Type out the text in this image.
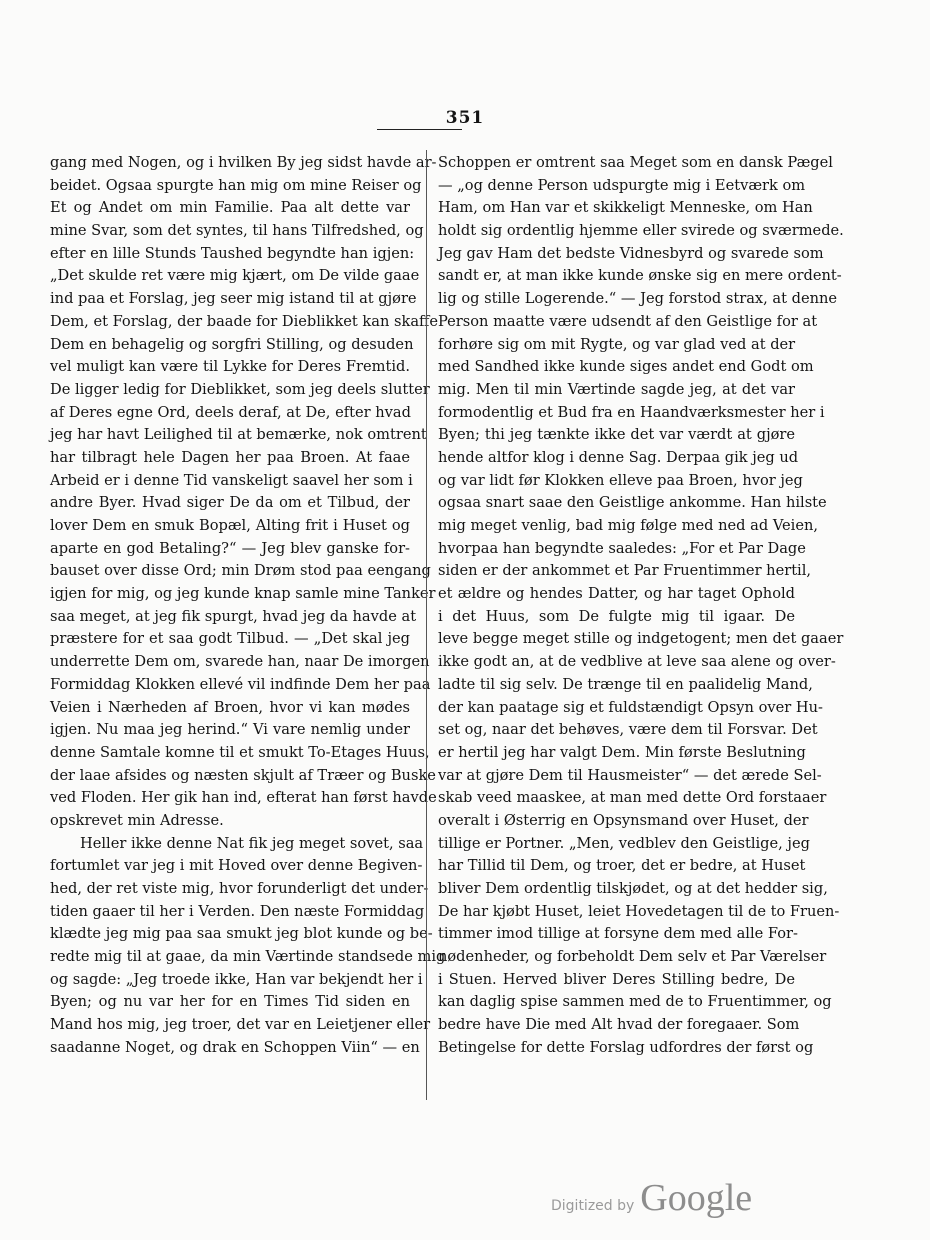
351
gang med Nogen, og i hvilken By jeg sidst havde ar-
beidet. Ogsaa spurgte han mig om mine Reiser og
Et og Andet om min Familie. Paa alt dette var
mine Svar, som det syntes, til hans Tilfredshed, og
efter en lille Stunds Taushed begyndte han igjen:
„Det skulde ret være mig kjært, om De vilde gaae
ind paa et Forslag, jeg seer mig istand til at gjøre
Dem, et Forslag, der baade for Dieblikket kan skaffe
Dem en behagelig og sorgfri Stilling, og desuden
vel muligt kan være til Lykke for Deres Fremtid.
De ligger ledig for Dieblikket, som jeg deels slutter
af Deres egne Ord, deels deraf, at De, efter hvad
jeg har havt Leilighed til at bemærke, nok omtrent
har tilbragt hele Dagen her paa Broen. At faae
Arbeid er i denne Tid vanskeligt saavel her som i
andre Byer. Hvad siger De da om et Tilbud, der
lover Dem en smuk Bopæl, Alting frit i Huset og
aparte en god Betaling?“ — Jeg blev ganske for-
bauset over disse Ord; min Drøm stod paa eengang
igjen for mig, og jeg kunde knap samle mine Tanker
saa meget, at jeg fik spurgt, hvad jeg da havde at
præstere for et saa godt Tilbud. — „Det skal jeg
underrette Dem om, svarede han, naar De imorgen
Formiddag Klokken ellevé vil indfinde Dem her paa
Veien i Nærheden af Broen, hvor vi kan mødes
igjen. Nu maa jeg herind.“ Vi vare nemlig under
denne Samtale komne til et smukt To-Etages Huus,
der laae afsides og næsten skjult af Træer og Buske
ved Floden. Her gik han ind, efterat han først havde
opskrevet min Adresse.
Heller ikke denne Nat fik jeg meget sovet, saa
fortumlet var jeg i mit Hoved over denne Begiven-
hed, der ret viste mig, hvor forunderligt det under-
tiden gaaer til her i Verden. Den næste Formiddag
klædte jeg mig paa saa smukt jeg blot kunde og be-
redte mig til at gaae, da min Værtinde standsede mig
og sagde: „Jeg troede ikke, Han var bekjendt her i
Byen; og nu var her for en Times Tid siden en
Mand hos mig, jeg troer, det var en Leietjener eller
saadanne Noget, og drak en Schoppen Viin“ — en
Schoppen er omtrent saa Meget som en dansk Pægel
— „og denne Person udspurgte mig i Eetværk om
Ham, om Han var et skikkeligt Menneske, om Han
holdt sig ordentlig hjemme eller svirede og sværmede.
Jeg gav Ham det bedste Vidnesbyrd og svarede som
sandt er, at man ikke kunde ønske sig en mere ordent-
lig og stille Logerende.“ — Jeg forstod strax, at denne
Person maatte være udsendt af den Geistlige for at
forhøre sig om mit Rygte, og var glad ved at der
med Sandhed ikke kunde siges andet end Godt om
mig. Men til min Værtinde sagde jeg, at det var
formodentlig et Bud fra en Haandværksmester her i
Byen; thi jeg tænkte ikke det var værdt at gjøre
hende altfor klog i denne Sag. Derpaa gik jeg ud
og var lidt før Klokken elleve paa Broen, hvor jeg
ogsaa snart saae den Geistlige ankomme. Han hilste
mig meget venlig, bad mig følge med ned ad Veien,
hvorpaa han begyndte saaledes: „For et Par Dage
siden er der ankommet et Par Fruentimmer hertil,
et ældre og hendes Datter, og har taget Ophold
i det Huus, som De fulgte mig til igaar. De
leve begge meget stille og indgetogent; men det gaaer
ikke godt an, at de vedblive at leve saa alene og over-
ladte til sig selv. De trænge til en paalidelig Mand,
der kan paatage sig et fuldstændigt Opsyn over Hu-
set og, naar det behøves, være dem til Forsvar. Det
er hertil jeg har valgt Dem. Min første Beslutning
var at gjøre Dem til Hausmeister“ — det ærede Sel-
skab veed maaskee, at man med dette Ord forstaaer
overalt i Østerrig en Opsynsmand over Huset, der
tillige er Portner. „Men, vedblev den Geistlige, jeg
har Tillid til Dem, og troer, det er bedre, at Huset
bliver Dem ordentlig tilskjødet, og at det hedder sig,
De har kjøbt Huset, leiet Hovedetagen til de to Fruen-
timmer imod tillige at forsyne dem med alle For-
nødenheder, og forbeholdt Dem selv et Par Værelser
i Stuen. Herved bliver Deres Stilling bedre, De
kan daglig spise sammen med de to Fruentimmer, og
bedre have Die med Alt hvad der foregaaer. Som
Betingelse for dette Forslag udfordres der først og
Digitized by Google
